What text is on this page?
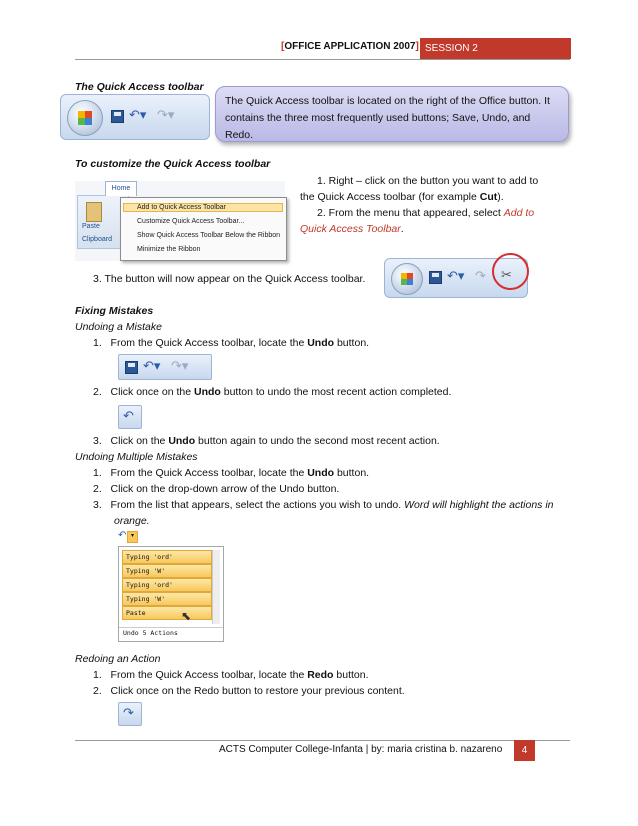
[OFFICE APPLICATION 2007] SESSION 2
The Quick Access toolbar
↶▾ ↷▾
The Quick Access toolbar is located on the right of the Office button. It contains the three most frequently used buttons; Save, Undo, and Redo.
To customize the Quick Access toolbar
Paste
Clipboard
Home
Add to Quick Access Toolbar
Customize Quick Access Toolbar...
Show Quick Access Toolbar Below the Ribbon
Minimize the Ribbon
1. Right – click on the button you want to add to
the Quick Access toolbar (for example Cut).
2. From the menu that appeared, select Add to
Quick Access Toolbar.
3. The button will now appear on the Quick Access toolbar.	↶▾ ↷ ✂
Fixing Mistakes
Undoing a Mistake
1. From the Quick Access toolbar, locate the Undo button.
↶▾ ↷▾
2. Click once on the Undo button to undo the most recent action completed.
↶
3. Click on the Undo button again to undo the second most recent action.
Undoing Multiple Mistakes
1. From the Quick Access toolbar, locate the Undo button.
2. Click on the drop-down arrow of the Undo button.
3. From the list that appears, select the actions you wish to undo. Word will highlight the actions in
orange.
↶ ▾
Typing 'ord'
Typing 'W'
Typing 'ord'
Typing 'W'
Paste	⬉
Undo 5 Actions
Redoing an Action
1. From the Quick Access toolbar, locate the Redo button.
2. Click once on the Redo button to restore your previous content.
↷
ACTS Computer College-Infanta | by: maria cristina b. nazareno	4
